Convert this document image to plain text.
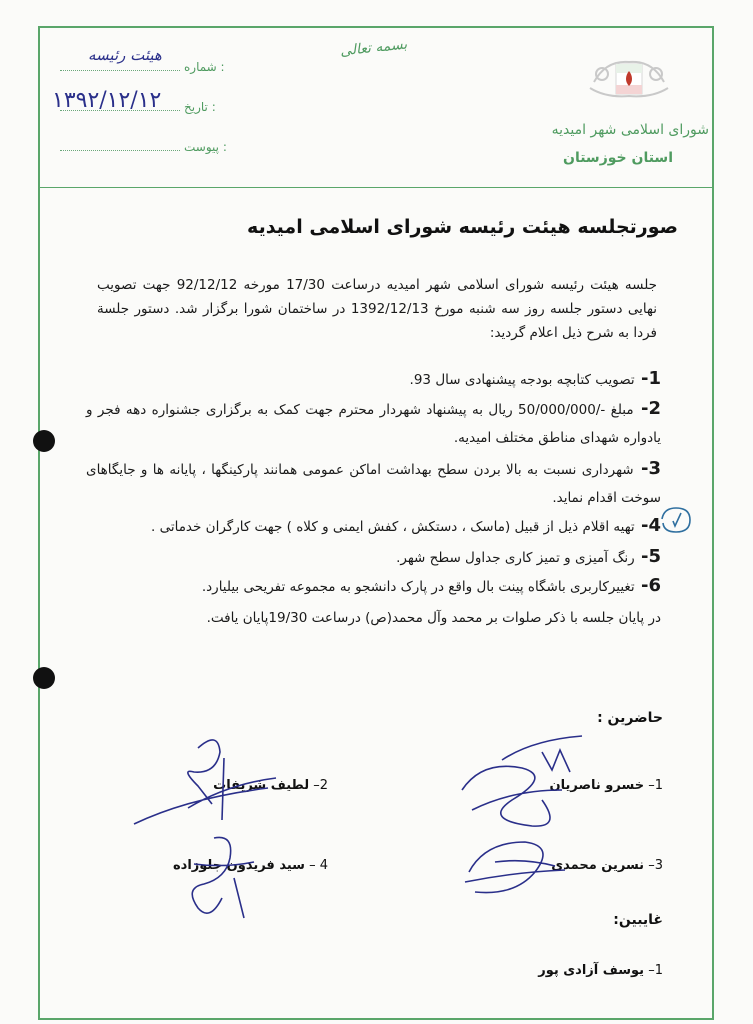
: شماره
هیئت رئیسه
: تاریخ
۱۳۹۲/۱۲/۱۲
: پیوست
بسمه تعالی
شورای اسلامی شهر امیدیه
استان خوزستان
صورتجلسه هیئت رئیسه شورای اسلامی امیدیه
جلسه هیئت رئیسه شورای اسلامی شهر امیدیه درساعت 17/30 مورخه 92/12/12 جهت تصویب نهایی دستور جلسه روز سه شنبه مورخ 1392/12/13 در ساختمان شورا برگزار شد. دستور جلسة فردا به شرح ذیل اعلام گردید:
1- تصویب کتابچه بودجه پیشنهادی سال 93.
2- مبلغ -/50/000/000 ریال به پیشنهاد شهردار محترم جهت کمک به برگزاری جشنواره دهه فجر و یادواره شهدای مناطق مختلف امیدیه.
3- شهرداری نسبت به بالا بردن سطح بهداشت اماکن عمومی همانند پارکینگها ، پایانه ها و جایگاهای سوخت اقدام نماید.
4- تهیه اقلام ذیل از قبیل (ماسک ، دستکش ، کفش ایمنی و کلاه ) جهت کارگران خدماتی .
5- رنگ آمیزی و تمیز کاری جداول سطح شهر.
6- تغییرکاربری باشگاه پینت بال واقع در پارک دانشجو به مجموعه تفریحی بیلیارد.
در پایان جلسه با ذکر صلوات بر محمد وآل محمد(ص) درساعت 19/30پایان یافت.
حاضرین :
1– خسرو ناصریان
2– لطیف شریفات
3– نسرین محمدی
4 – سید فریدون جلوزاده
غایبین:
1– یوسف آزادی پور
